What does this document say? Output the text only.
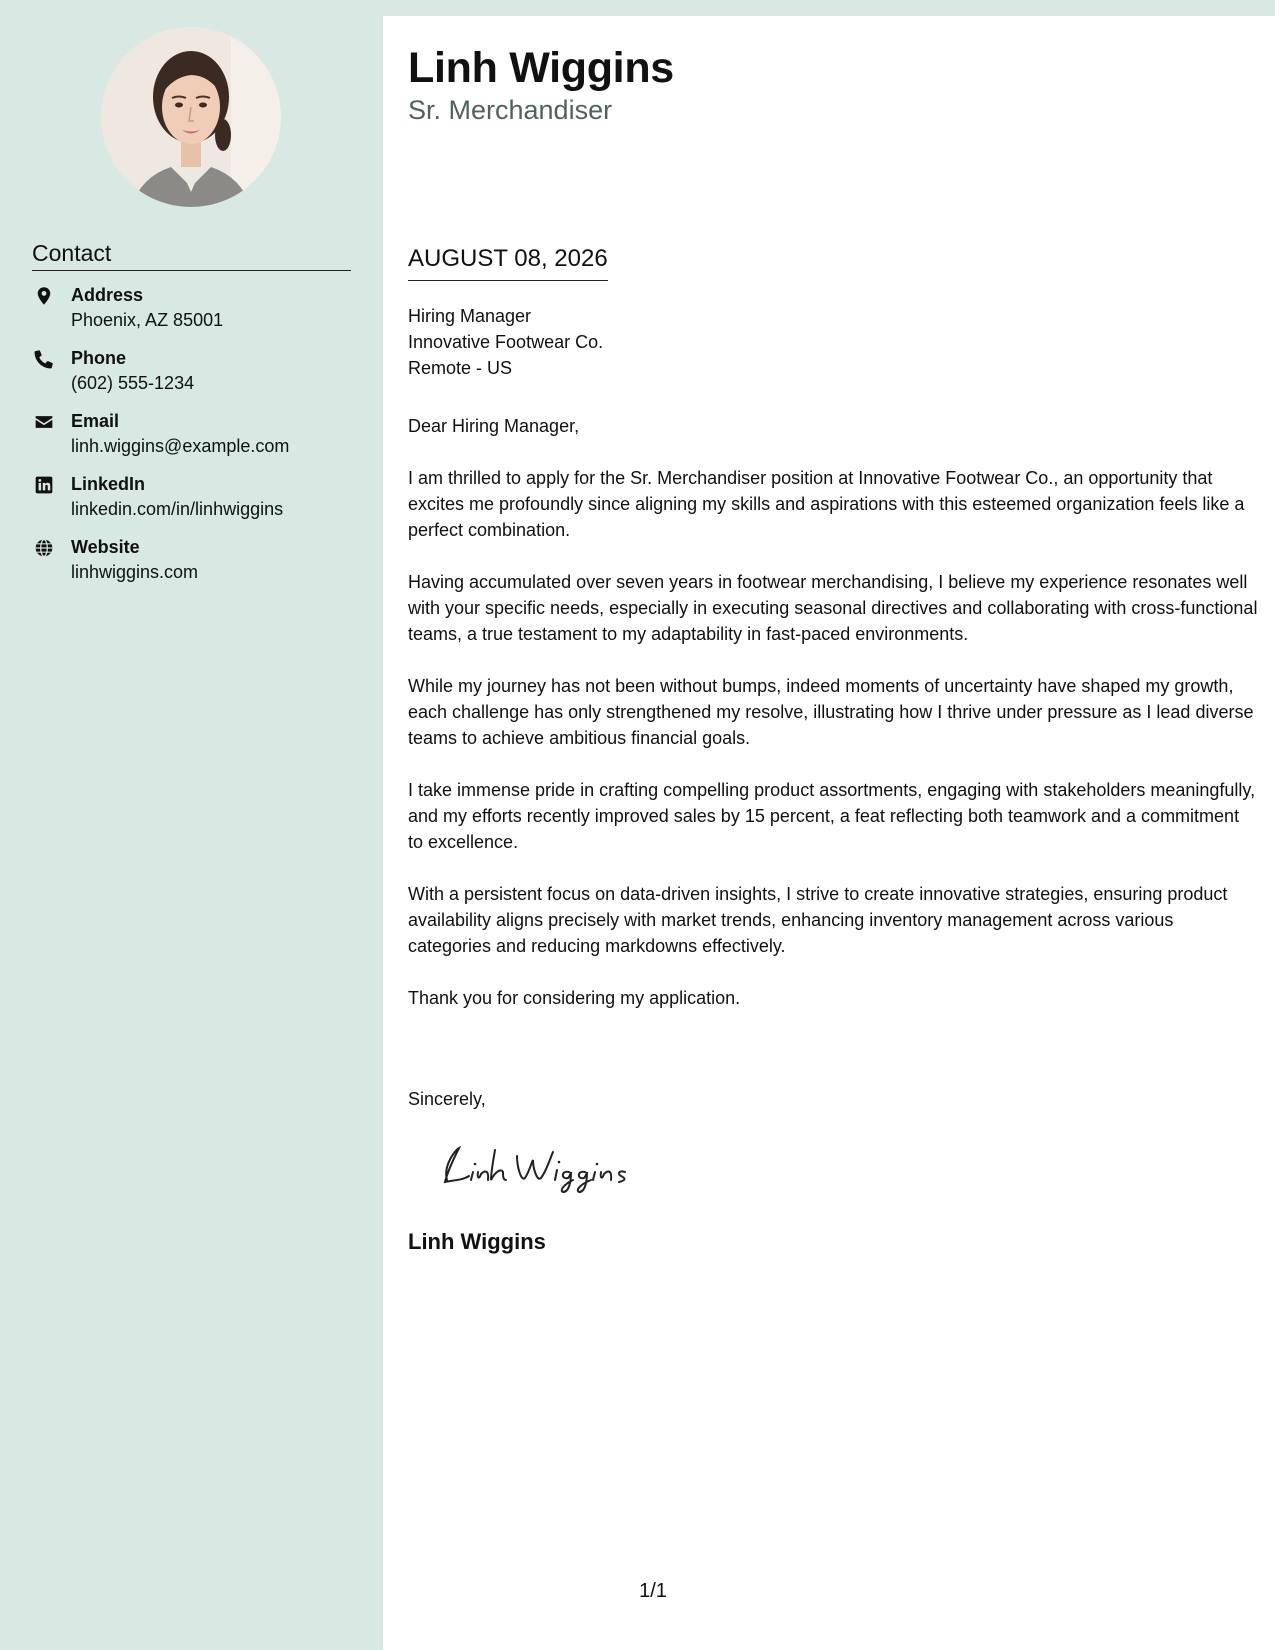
Contact
Address
Phoenix, AZ 85001
Phone
(602) 555-1234
Email
linh.wiggins@example.com
LinkedIn
linkedin.com/in/linhwiggins
Website
linhwiggins.com
Linh Wiggins
Sr. Merchandiser
AUGUST 08, 2026
Hiring Manager
Innovative Footwear Co.
Remote - US

Dear Hiring Manager,

I am thrilled to apply for the Sr. Merchandiser position at Innovative Footwear Co., an opportunity that excites me profoundly since aligning my skills and aspirations with this esteemed organization feels like a perfect combination.

Having accumulated over seven years in footwear merchandising, I believe my experience resonates well with your specific needs, especially in executing seasonal directives and collaborating with cross-functional teams, a true testament to my adaptability in fast-paced environments.

While my journey has not been without bumps, indeed moments of uncertainty have shaped my growth, each challenge has only strengthened my resolve, illustrating how I thrive under pressure as I lead diverse teams to achieve ambitious financial goals.

I take immense pride in crafting compelling product assortments, engaging with stakeholders meaningfully, and my efforts recently improved sales by 15 percent, a feat reflecting both teamwork and a commitment to excellence.

With a persistent focus on data-driven insights, I strive to create innovative strategies, ensuring product availability aligns precisely with market trends, enhancing inventory management across various categories and reducing markdowns effectively.

Thank you for considering my application.

Sincerely,
Linh Wiggins
1/1
